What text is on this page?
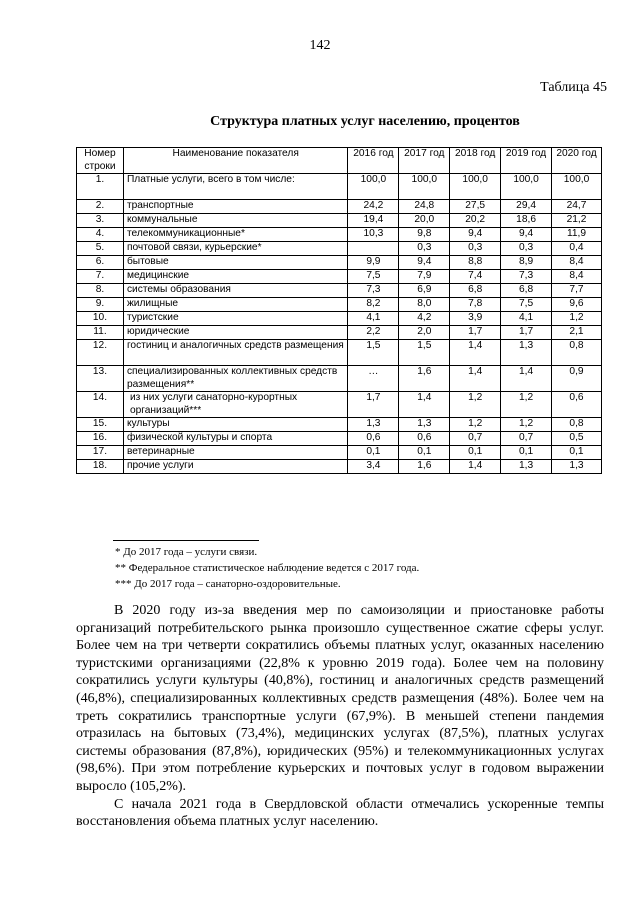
142
Таблица 45
Структура платных услуг населению, процентов
Номер строки	Наименование показателя	2016 год	2017 год	2018 год	2019 год	2020 год
1.	Платные услуги, всего в том числе:	100,0	100,0	100,0	100,0	100,0
2.	транспортные	24,2	24,8	27,5	29,4	24,7
3.	коммунальные	19,4	20,0	20,2	18,6	21,2
4.	телекоммуникационные*	10,3	9,8	9,4	9,4	11,9
5.	почтовой связи, курьерские*		0,3	0,3	0,3	0,4
6.	бытовые	9,9	9,4	8,8	8,9	8,4
7.	медицинские	7,5	7,9	7,4	7,3	8,4
8.	системы образования	7,3	6,9	6,8	6,8	7,7
9.	жилищные	8,2	8,0	7,8	7,5	9,6
10.	туристские	4,1	4,2	3,9	4,1	1,2
11.	юридические	2,2	2,0	1,7	1,7	2,1
12.	гостиниц и аналогичных средств размещения	1,5	1,5	1,4	1,3	0,8
13.	специализированных коллективных средств размещения**	…	1,6	1,4	1,4	0,9
14.	из них услуги санаторно-курортных организаций***	1,7	1,4	1,2	1,2	0,6
15.	культуры	1,3	1,3	1,2	1,2	0,8
16.	физической культуры и спорта	0,6	0,6	0,7	0,7	0,5
17.	ветеринарные	0,1	0,1	0,1	0,1	0,1
18.	прочие услуги	3,4	1,6	1,4	1,3	1,3
* До 2017 года – услуги связи.
** Федеральное статистическое наблюдение ведется с 2017 года.
*** До 2017 года – санаторно-оздоровительные.

В 2020 году из-за введения мер по самоизоляции и приостановке работы организаций потребительского рынка произошло существенное сжатие сферы услуг. Более чем на три четверти сократились объемы платных услуг, оказанных населению туристскими организациями (22,8% к уровню 2019 года). Более чем на половину сократились услуги культуры (40,8%), гостиниц и аналогичных средств размещений (46,8%), специализированных коллективных средств размещения (48%). Более чем на треть сократились транспортные услуги (67,9%). В меньшей степени пандемия отразилась на бытовых (73,4%), медицинских услугах (87,5%), платных услугах системы образования (87,8%), юридических (95%) и телекоммуникационных услугах (98,6%). При этом потребление курьерских и почтовых услуг в годовом выражении выросло (105,2%).

С начала 2021 года в Свердловской области отмечались ускоренные темпы восстановления объема платных услуг населению.
